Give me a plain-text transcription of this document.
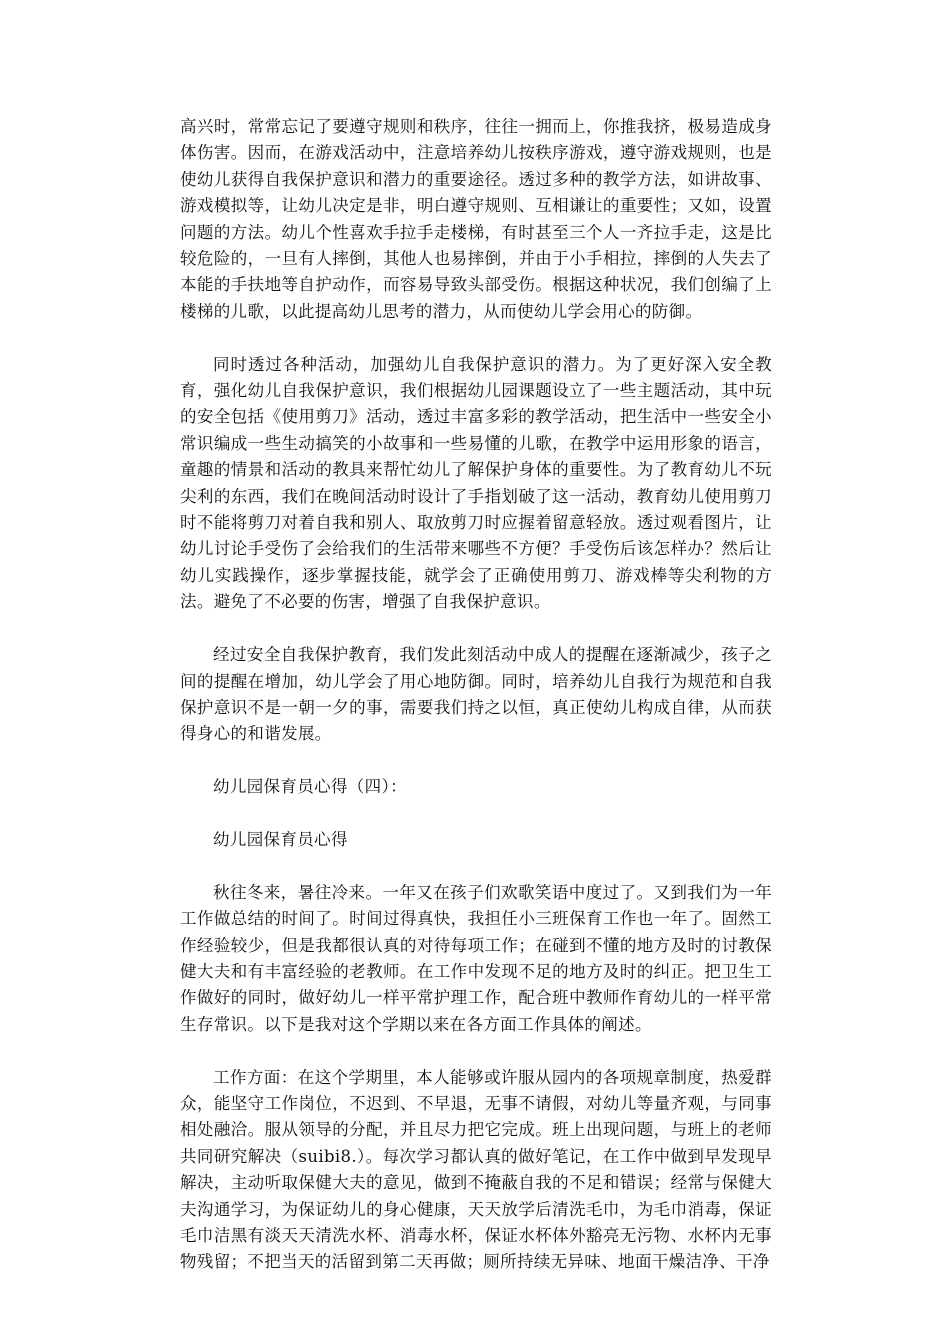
高兴时，常常忘记了要遵守规则和秩序，往往一拥而上，你推我挤，极易造成身体伤害。因而，在游戏活动中，注意培养幼儿按秩序游戏，遵守游戏规则，也是使幼儿获得自我保护意识和潜力的重要途径。透过多种的教学方法，如讲故事、游戏模拟等，让幼儿决定是非，明白遵守规则、互相谦让的重要性；又如，设置问题的方法。幼儿个性喜欢手拉手走楼梯，有时甚至三个人一齐拉手走，这是比较危险的，一旦有人摔倒，其他人也易摔倒，并由于小手相拉，摔倒的人失去了本能的手扶地等自护动作，而容易导致头部受伤。根据这种状况，我们创编了上楼梯的儿歌，以此提高幼儿思考的潜力，从而使幼儿学会用心的防御。

同时透过各种活动，加强幼儿自我保护意识的潜力。为了更好深入安全教育，强化幼儿自我保护意识，我们根据幼儿园课题设立了一些主题活动，其中玩的安全包括《使用剪刀》活动，透过丰富多彩的教学活动，把生活中一些安全小常识编成一些生动搞笑的小故事和一些易懂的儿歌，在教学中运用形象的语言，童趣的情景和活动的教具来帮忙幼儿了解保护身体的重要性。为了教育幼儿不玩尖利的东西，我们在晚间活动时设计了手指划破了这一活动，教育幼儿使用剪刀时不能将剪刀对着自我和别人、取放剪刀时应握着留意轻放。透过观看图片，让幼儿讨论手受伤了会给我们的生活带来哪些不方便？手受伤后该怎样办？然后让幼儿实践操作，逐步掌握技能，就学会了正确使用剪刀、游戏棒等尖利物的方法。避免了不必要的伤害，增强了自我保护意识。

经过安全自我保护教育，我们发此刻活动中成人的提醒在逐渐减少，孩子之间的提醒在增加，幼儿学会了用心地防御。同时，培养幼儿自我行为规范和自我保护意识不是一朝一夕的事，需要我们持之以恒，真正使幼儿构成自律，从而获得身心的和谐发展。

幼儿园保育员心得（四）：

幼儿园保育员心得

秋往冬来，暑往冷来。一年又在孩子们欢歌笑语中度过了。又到我们为一年工作做总结的时间了。时间过得真快，我担任小三班保育工作也一年了。固然工作经验较少，但是我都很认真的对待每项工作；在碰到不懂的地方及时的讨教保健大夫和有丰富经验的老教师。在工作中发现不足的地方及时的纠正。把卫生工作做好的同时，做好幼儿一样平常护理工作，配合班中教师作育幼儿的一样平常生存常识。以下是我对这个学期以来在各方面工作具体的阐述。

工作方面：在这个学期里，本人能够或许服从园内的各项规章制度，热爱群众，能坚守工作岗位，不迟到、不早退，无事不请假，对幼儿等量齐观，与同事相处融洽。服从领导的分配，并且尽力把它完成。班上出现问题，与班上的老师共同研究解决（suibi8.）。每次学习都认真的做好笔记，在工作中做到早发现早解决，主动听取保健大夫的意见，做到不掩蔽自我的不足和错误；经常与保健大夫沟通学习，为保证幼儿的身心健康，天天放学后清洗毛巾，为毛巾消毒，保证毛巾洁黑有淡天天清洗水杯、消毒水杯，保证水杯体外豁亮无污物、水杯内无事物残留；不把当天的活留到第二天再做；厕所持续无异味、地面干燥洁净、干净
